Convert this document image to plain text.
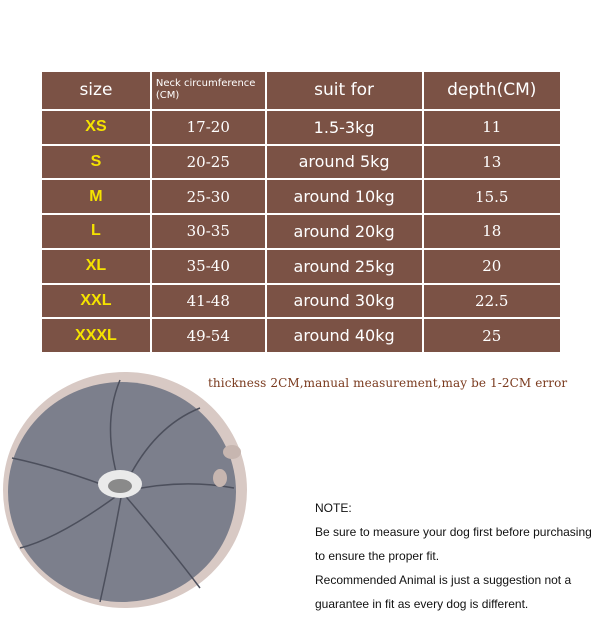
size	Neck circumference (CM)	suit for	depth(CM)
XS	17-20	1.5-3kg	11
S	20-25	around 5kg	13
M	25-30	around 10kg	15.5
L	30-35	around 20kg	18
XL	35-40	around 25kg	20
XXL	41-48	around 30kg	22.5
XXXL	49-54	around 40kg	25
thickness 2CM,manual measurement,may be 1-2CM error
NOTE:
Be sure to measure your dog first before purchasing
to ensure the proper fit.
Recommended Animal is just a suggestion not a
guarantee in fit as every dog is different.
